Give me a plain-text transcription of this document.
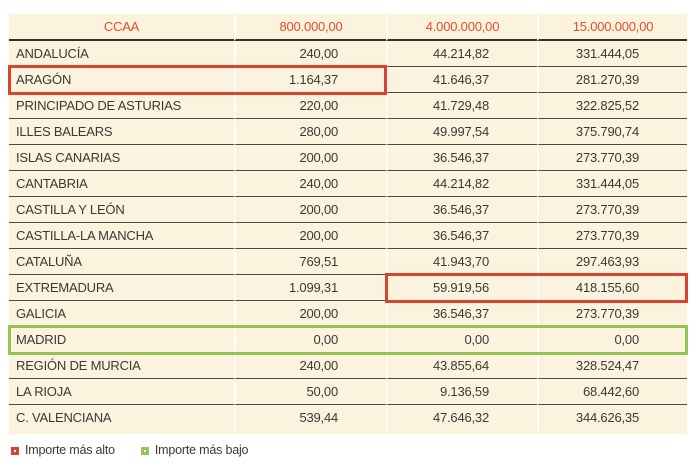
CCAA	800.000,00	4.000.000,00	15.000.000,00
ANDALUCÍA	240,00	44.214,82	331.444,05
ARAGÓN	1.164,37	41.646,37	281.270,39
PRINCIPADO DE ASTURIAS	220,00	41.729,48	322.825,52
ILLES BALEARS	280,00	49.997,54	375.790,74
ISLAS CANARIAS	200,00	36.546,37	273.770,39
CANTABRIA	240,00	44.214,82	331.444,05
CASTILLA Y LEÓN	200,00	36.546,37	273.770,39
CASTILLA-LA MANCHA	200,00	36.546,37	273.770,39
CATALUÑA	769,51	41.943,70	297.463,93
EXTREMADURA	1.099,31	59.919,56	418.155,60
GALICIA	200,00	36.546,37	273.770,39
MADRID	0,00	0,00	0,00
REGIÓN DE MURCIA	240,00	43.855,64	328.524,47
LA RIOJA	50,00	9.136,59	68.442,60
C. VALENCIANA	539,44	47.646,32	344.626,35
Importe más alto	Importe más bajo
